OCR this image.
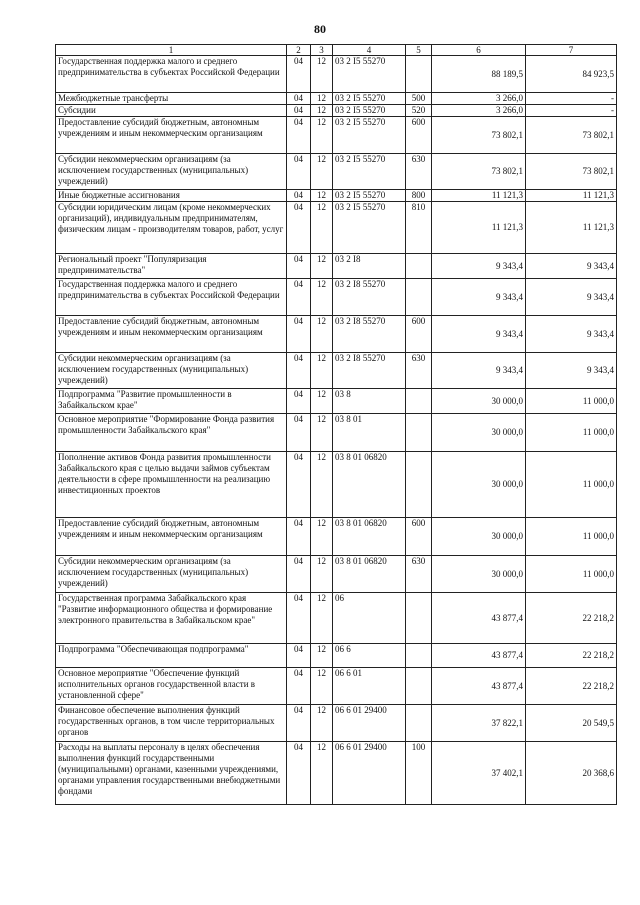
80
1	2	3	4	5	6	7
Государственная поддержка малого и среднего предпринимательства в субъектах Российской Федерации	04	12	03 2 I5 55270		88 189,5	84 923,5
Межбюджетные трансферты	04	12	03 2 I5 55270	500	3 266,0	-
Субсидии	04	12	03 2 I5 55270	520	3 266,0	-
Предоставление субсидий бюджетным, автономным учреждениям и иным некоммерческим организациям	04	12	03 2 I5 55270	600	73 802,1	73 802,1
Субсидии некоммерческим организациям (за исключением государственных (муниципальных) учреждений)	04	12	03 2 I5 55270	630	73 802,1	73 802,1
Иные бюджетные ассигнования	04	12	03 2 I5 55270	800	11 121,3	11 121,3
Субсидии юридическим лицам (кроме некоммерческих организаций), индивидуальным предпринимателям, физическим лицам - производителям товаров, работ, услуг	04	12	03 2 I5 55270	810	11 121,3	11 121,3
Региональный проект "Популяризация предпринимательства"	04	12	03 2 I8		9 343,4	9 343,4
Государственная поддержка малого и среднего предпринимательства в субъектах Российской Федерации	04	12	03 2 I8 55270		9 343,4	9 343,4
Предоставление субсидий бюджетным, автономным учреждениям и иным некоммерческим организациям	04	12	03 2 I8 55270	600	9 343,4	9 343,4
Субсидии некоммерческим организациям (за исключением государственных (муниципальных) учреждений)	04	12	03 2 I8 55270	630	9 343,4	9 343,4
Подпрограмма "Развитие промышленности в Забайкальском крае"	04	12	03 8		30 000,0	11 000,0
Основное мероприятие "Формирование Фонда развития промышленности Забайкальского края"	04	12	03 8 01		30 000,0	11 000,0
Пополнение активов Фонда развития промышленности Забайкальского края с целью выдачи займов субъектам деятельности в сфере промышленности на реализацию инвестиционных проектов	04	12	03 8 01 06820		30 000,0	11 000,0
Предоставление субсидий бюджетным, автономным учреждениям и иным некоммерческим организациям	04	12	03 8 01 06820	600	30 000,0	11 000,0
Субсидии некоммерческим организациям (за исключением государственных (муниципальных) учреждений)	04	12	03 8 01 06820	630	30 000,0	11 000,0
Государственная программа Забайкальского края "Развитие информационного общества и формирование электронного правительства в Забайкальском крае"	04	12	06		43 877,4	22 218,2
Подпрограмма "Обеспечивающая подпрограмма"	04	12	06 6		43 877,4	22 218,2
Основное мероприятие "Обеспечение функций исполнительных органов государственной власти в установленной сфере"	04	12	06 6 01		43 877,4	22 218,2
Финансовое обеспечение выполнения функций государственных органов, в том числе территориальных органов	04	12	06 6 01 29400		37 822,1	20 549,5
Расходы на выплаты персоналу в целях обеспечения выполнения функций государственными (муниципальными) органами, казенными учреждениями, органами управления государственными внебюджетными фондами	04	12	06 6 01 29400	100	37 402,1	20 368,6
